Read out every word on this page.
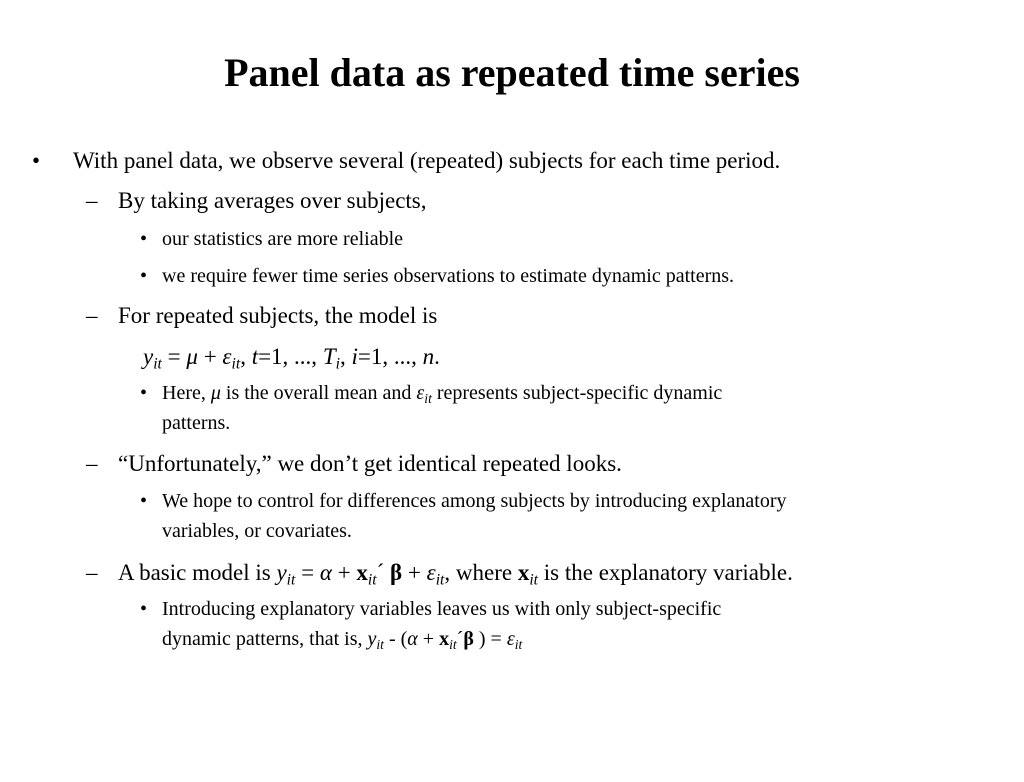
Panel data as repeated time series
• With panel data, we observe several (repeated) subjects for each time period.
– By taking averages over subjects,
• our statistics are more reliable
• we require fewer time series observations to estimate dynamic patterns.
– For repeated subjects, the model is
$y_{it} = \mu + \varepsilon_{it}$, t=1, ..., $T_i$, i=1, ..., n.
• Here, μ is the overall mean and $\varepsilon_{it}$ represents subject-specific dynamic
patterns.
– “Unfortunately,” we don’t get identical repeated looks.
• We hope to control for differences among subjects by introducing explanatory
variables, or covariates.
– A basic model is $y_{it} = \alpha$ + $x_{it}´$ $\beta + \varepsilon_{it}$, where $x_{it}$ is the explanatory variable.
• Introducing explanatory variables leaves us with only subject-specific
dynamic patterns, that is, $y_{it} - (\alpha$ + $x_{it}´\beta$ ) = $\varepsilon_{it}$
